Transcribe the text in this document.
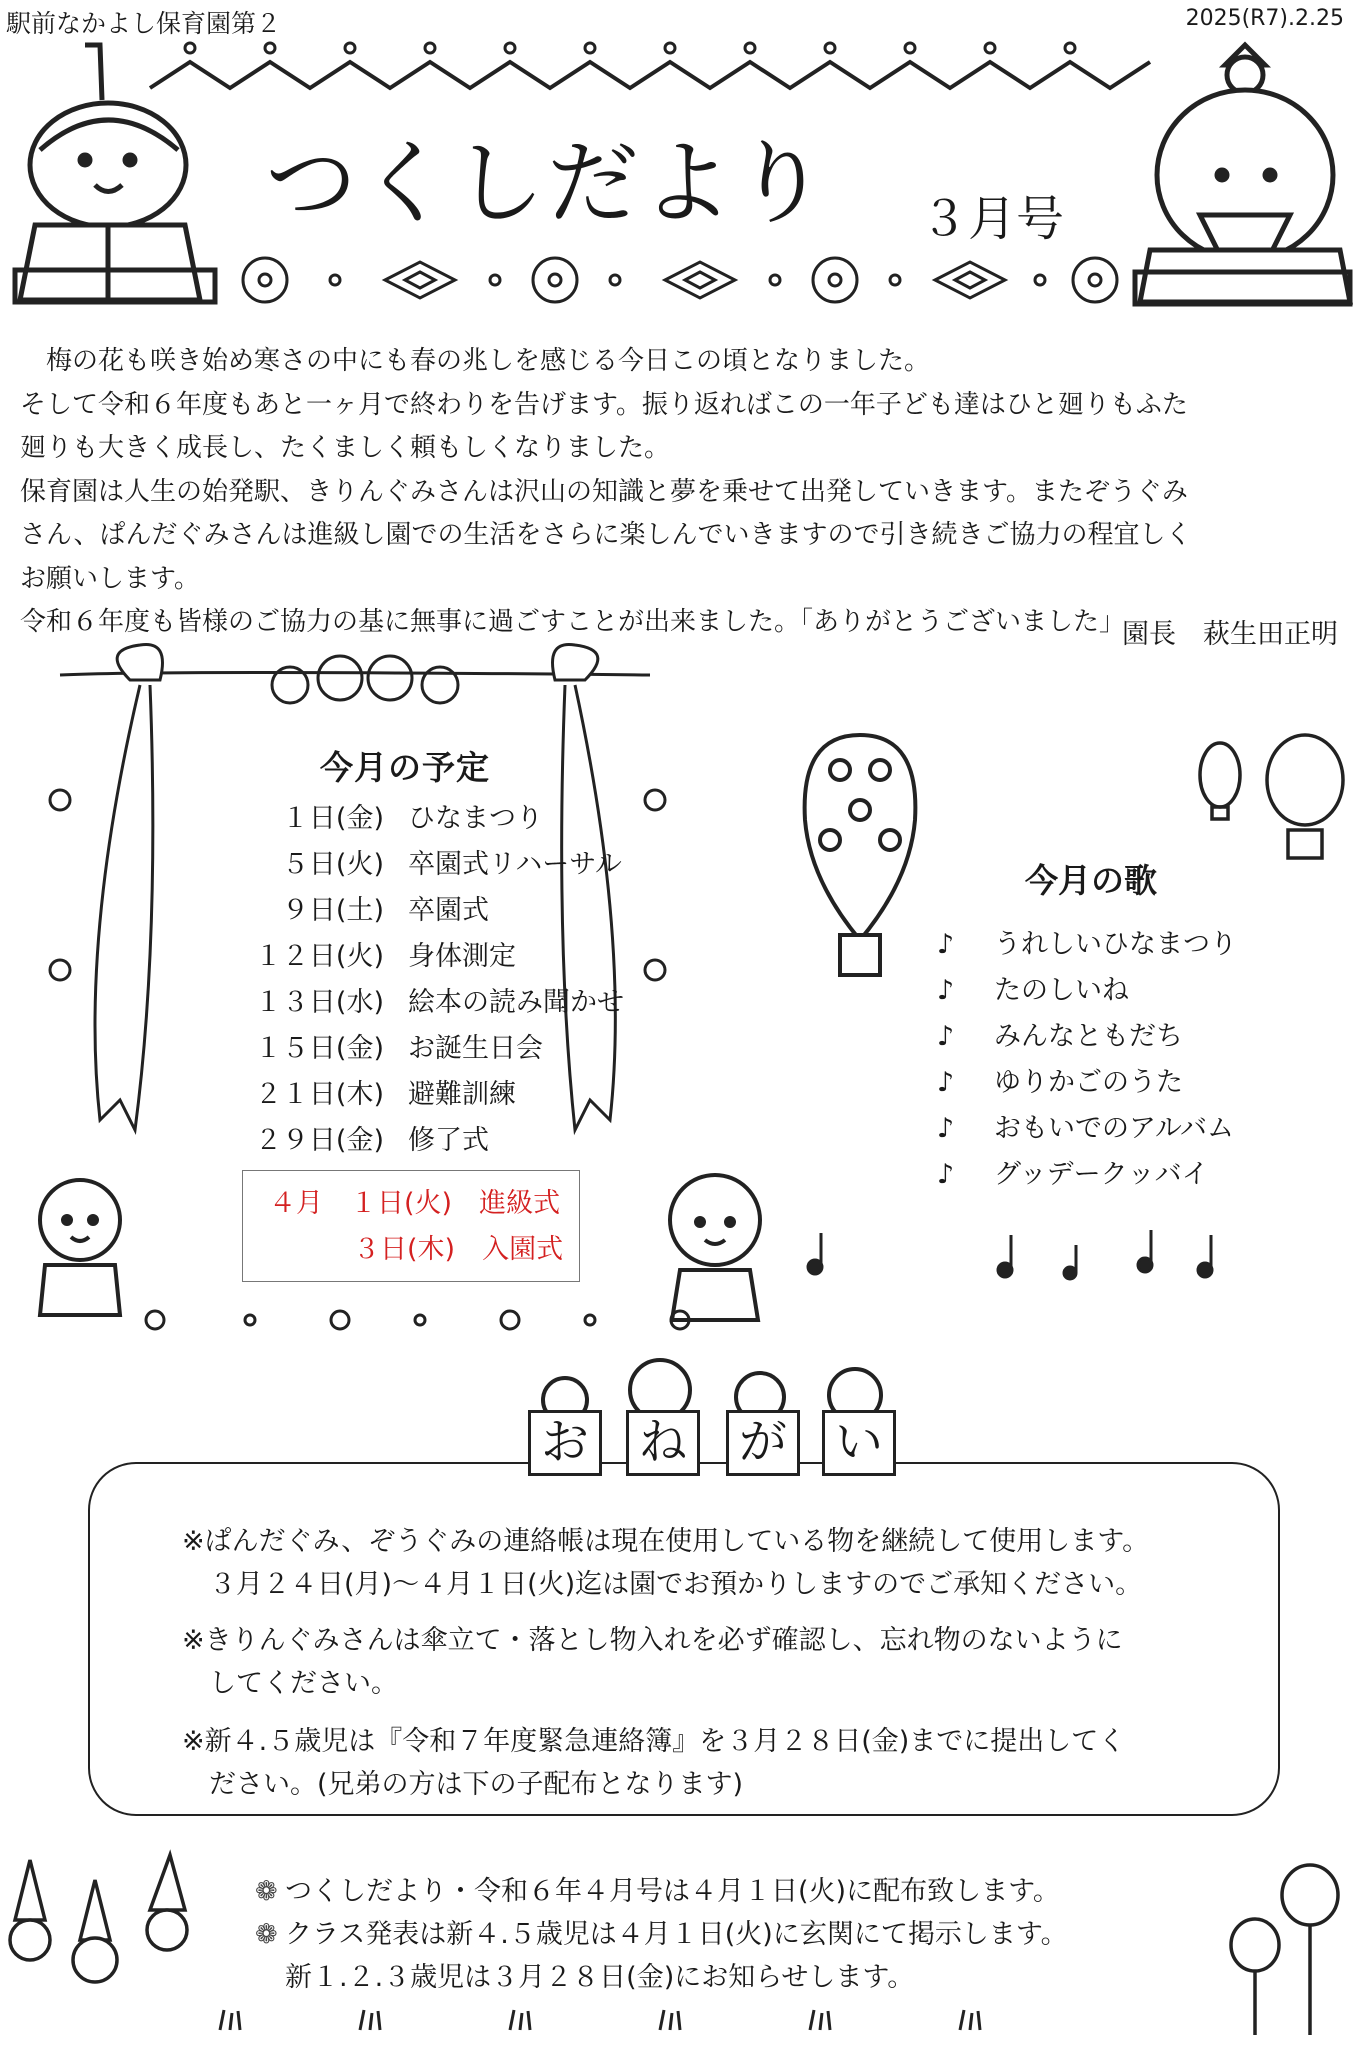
駅前なかよし保育園第２	2025(R7).2.25
つくしだより ３月号

　梅の花も咲き始め寒さの中にも春の兆しを感じる今日この頃となりました。

そして令和６年度もあと一ヶ月で終わりを告げます。振り返ればこの一年子ども達はひと廻りもふた

廻りも大きく成長し、たくましく頼もしくなりました。

保育園は人生の始発駅、きりんぐみさんは沢山の知識と夢を乗せて出発していきます。またぞうぐみ

さん、ぱんだぐみさんは進級し園での生活をさらに楽しんでいきますので引き続きご協力の程宜しく

お願いします。

令和６年度も皆様のご協力の基に無事に過ごすことが出来ました。「ありがとうございました」

園長　萩生田正明
今月の予定
１日(金) ひなまつり
５日(火) 卒園式リハーサル
９日(土) 卒園式
１２日(火) 身体測定
１３日(水) 絵本の読み聞かせ
１５日(金) お誕生日会
２１日(木) 避難訓練
２９日(金) 修了式
４月　１日(火)　進級式
３日(木)　入園式
今月の歌
♪ うれしいひなまつり
♪ たのしいね
♪ みんなともだち
♪ ゆりかごのうた
♪ おもいでのアルバム
♪ グッデークッバイ
※ぱんだぐみ、ぞうぐみの連絡帳は現在使用している物を継続して使用します。
　３月２４日(月)～４月１日(火)迄は園でお預かりしますのでご承知ください。
※きりんぐみさんは傘立て・落とし物入れを必ず確認し、忘れ物のないように
　してください。
※新４.５歳児は『令和７年度緊急連絡簿』を３月２８日(金)までに提出してく
　ださい。(兄弟の方は下の子配布となります)
お ね が い
❁ つくしだより・令和６年４月号は４月１日(火)に配布致します。
❁ クラス発表は新４.５歳児は４月１日(火)に玄関にて掲示します。
新１.２.３歳児は３月２８日(金)にお知らせします。
